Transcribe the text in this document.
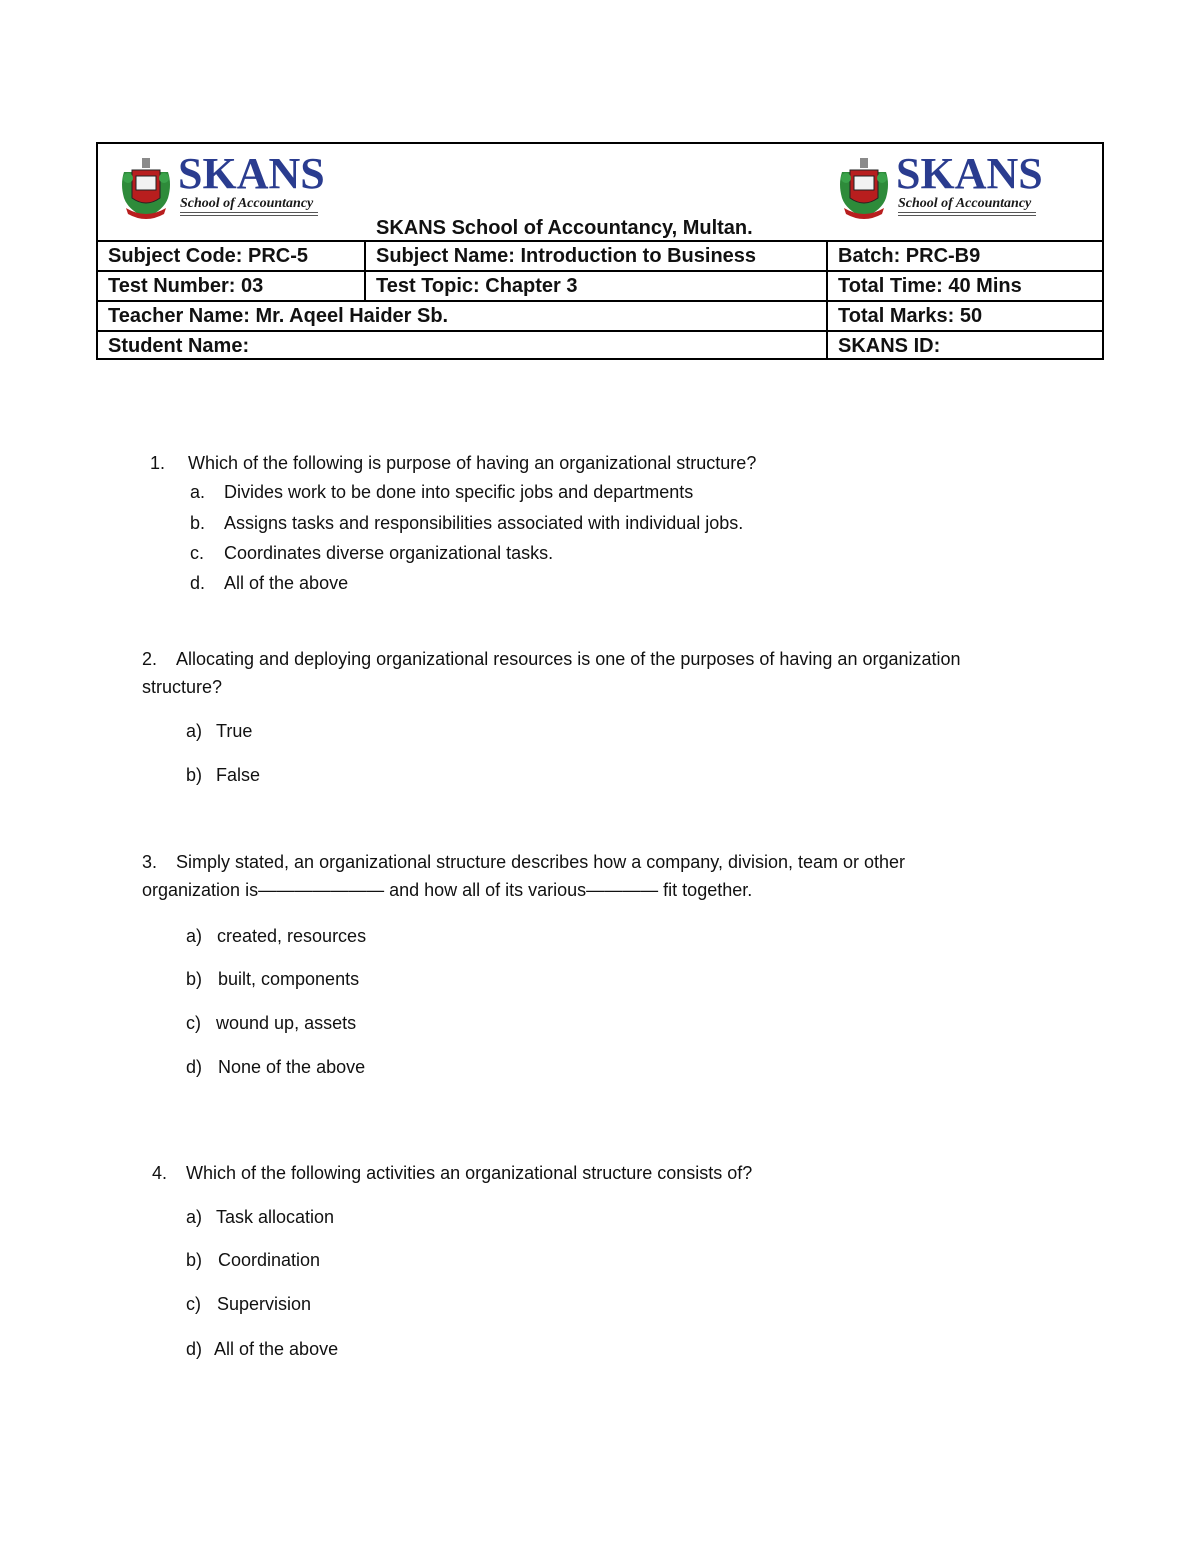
SKANS
School of Accountancy
SKANS School of Accountancy, Multan.
SKANS
School of Accountancy
Subject Code: PRC-5	Subject Name: Introduction to Business	Batch: PRC-B9
Test Number: 03	Test Topic: Chapter 3	Total Time: 40 Mins
Teacher Name: Mr. Aqeel Haider Sb.	Total Marks: 50
Student Name:	SKANS ID:
1. Which of the following is purpose of having an organizational structure?
a. Divides work to be done into specific jobs and departments
b. Assigns tasks and responsibilities associated with individual jobs.
c. Coordinates diverse organizational tasks.
d. All of the above
2. Allocating and deploying organizational resources is one of the purposes of having an organization
structure?
a) True
b) False
3. Simply stated, an organizational structure describes how a company, division, team or other
organization is——————— and how all of its various———— fit together.
a) created, resources
b) built, components
c) wound up, assets
d) None of the above
4. Which of the following activities an organizational structure consists of?
a) Task allocation
b) Coordination
c) Supervision
d) All of the above
